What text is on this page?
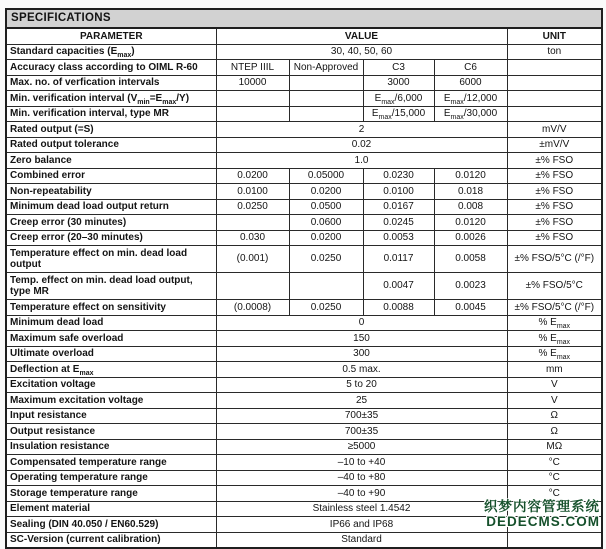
SPECIFICATIONS					
PARAMETER	VALUE				UNIT
Standard capacities $(E_{max})$	30, 40, 50, 60				ton
Accuracy class according to OIML R-60	NTEP IIIL	Non-Approved	C3	C6	
Max. no. of verfication intervals	10000		3000	6000	
Min. verification interval $(V_{min}=E_{max}/Y)$			$E_{max}/6,000$	$E_{max}/12,000$	
Min. verification interval, type MR			$E_{max}/15,000$	$E_{max}/30,000$	
Rated output (=S)	2				mV/V
Rated output tolerance	0.02				±mV/V
Zero balance	1.0				±% FSO
Combined error	0.0200	0.05000	0.0230	0.0120	±% FSO
Non-repeatability	0.0100	0.0200	0.0100	0.018	±% FSO
Minimum dead load output return	0.0250	0.0500	0.0167	0.008	±% FSO
Creep error (30 minutes)		0.0600	0.0245	0.0120	±% FSO
Creep error (20–30 minutes)	0.030	0.0200	0.0053	0.0026	±% FSO
Temperature effect on min. dead load output	(0.001)	0.0250	0.0117	0.0058	±% FSO/5°C (/°F)
Temp. effect on min. dead load output, type MR			0.0047	0.0023	±% FSO/5°C
Temperature effect on sensitivity	(0.0008)	0.0250	0.0088	0.0045	±% FSO/5°C (/°F)
Minimum dead load	0				% $E_{max}$
Maximum safe overload	150				% $E_{max}$
Ultimate overload	300				% $E_{max}$
Deflection at $E_{max}$	0.5 max.				mm
Excitation voltage	5 to 20				V
Maximum excitation voltage	25				V
Input resistance	700±35				Ω
Output resistance	700±35				Ω
Insulation resistance	≥5000				MΩ
Compensated temperature range	–10 to +40				°C
Operating temperature range	–40 to +80				°C
Storage temperature range	–40 to +90				°C
Element material	Stainless steel 1.4542				
Sealing (DIN 40.050 / EN60.529)	IP66 and IP68				
SC-Version (current calibration)	Standard				
织梦内容管理系统
DEDECMS.COM
